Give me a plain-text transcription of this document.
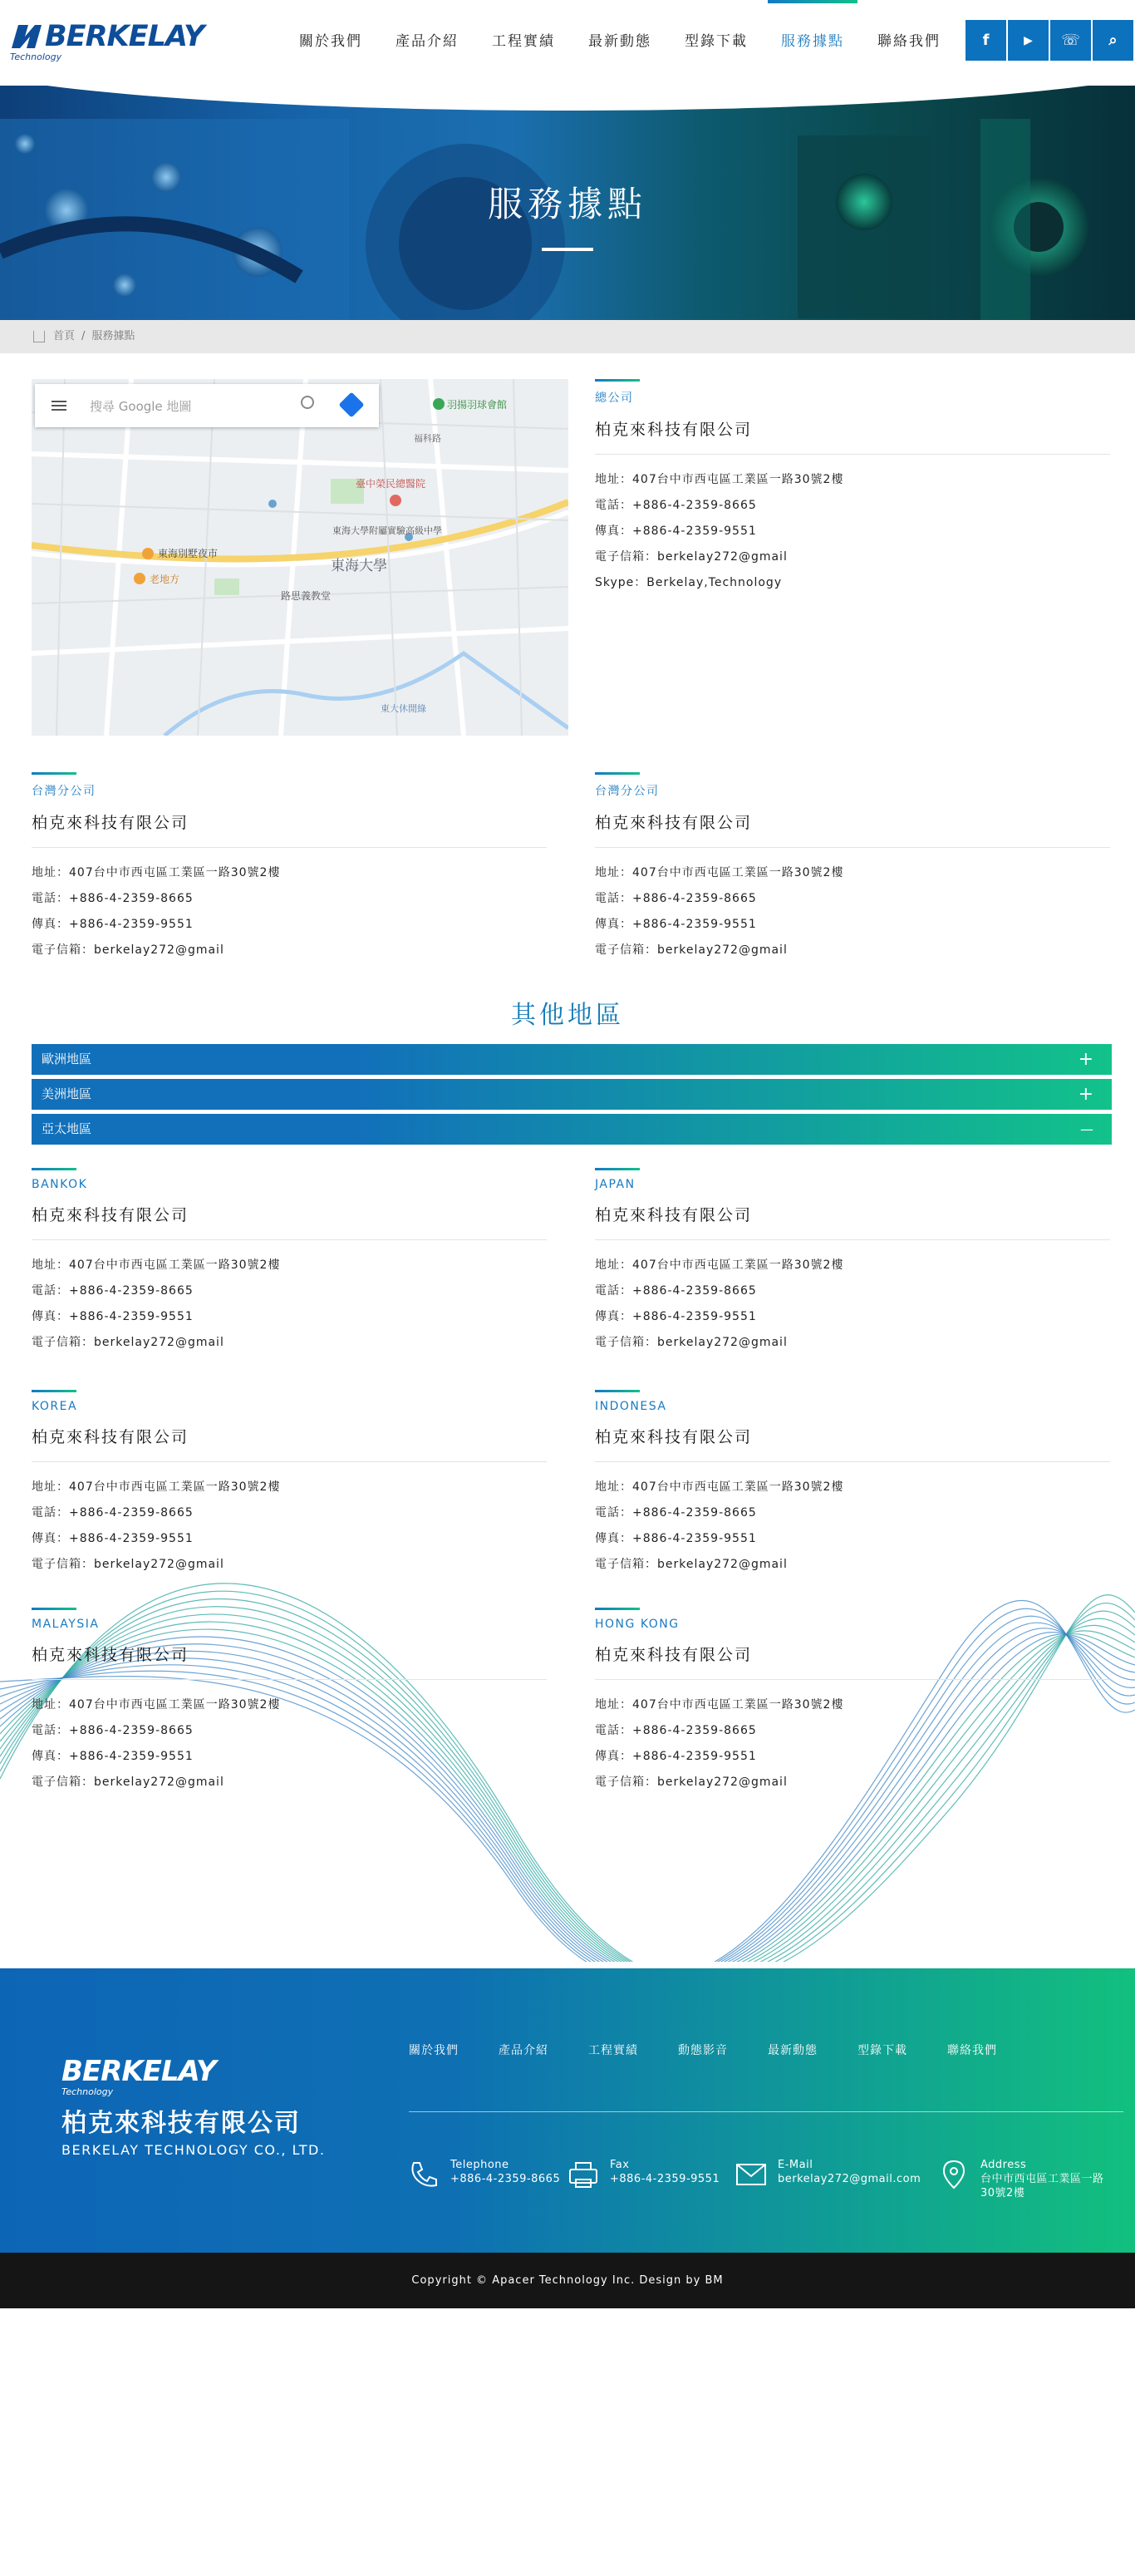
BERKELAY
Technology
關於我們	產品介紹	工程實績	最新動態	型錄下載	服務據點	聯絡我們	f	▶	☏	⌕
服務據點
首頁 / 服務據點
羽揚羽球會館
臺中榮民總醫院
東海大學附屬實驗高級中學
東海大學
東海別墅夜市
老地方
路思義教堂
福科路
東大休閒綠
搜尋 Google 地圖
總公司
柏克來科技有限公司
地址：407台中市西屯區工業區一路30號2樓
電話：+886-4-2359-8665
傳真：+886-4-2359-9551
電子信箱：berkelay272@gmail
Skype：Berkelay,Technology
台灣分公司
柏克來科技有限公司
地址：407台中市西屯區工業區一路30號2樓
電話：+886-4-2359-8665
傳真：+886-4-2359-9551
電子信箱：berkelay272@gmail
台灣分公司
柏克來科技有限公司
地址：407台中市西屯區工業區一路30號2樓
電話：+886-4-2359-8665
傳真：+886-4-2359-9551
電子信箱：berkelay272@gmail
其他地區
歐洲地區	+
美洲地區	+
亞太地區	—
BANKOK
柏克來科技有限公司
地址：407台中市西屯區工業區一路30號2樓
電話：+886-4-2359-8665
傳真：+886-4-2359-9551
電子信箱：berkelay272@gmail
JAPAN
柏克來科技有限公司
地址：407台中市西屯區工業區一路30號2樓
電話：+886-4-2359-8665
傳真：+886-4-2359-9551
電子信箱：berkelay272@gmail
KOREA
柏克來科技有限公司
地址：407台中市西屯區工業區一路30號2樓
電話：+886-4-2359-8665
傳真：+886-4-2359-9551
電子信箱：berkelay272@gmail
INDONESA
柏克來科技有限公司
地址：407台中市西屯區工業區一路30號2樓
電話：+886-4-2359-8665
傳真：+886-4-2359-9551
電子信箱：berkelay272@gmail
MALAYSIA
柏克來科技有限公司
地址：407台中市西屯區工業區一路30號2樓
電話：+886-4-2359-8665
傳真：+886-4-2359-9551
電子信箱：berkelay272@gmail
HONG KONG
柏克來科技有限公司
地址：407台中市西屯區工業區一路30號2樓
電話：+886-4-2359-8665
傳真：+886-4-2359-9551
電子信箱：berkelay272@gmail
BERKELAY
Technology
柏克來科技有限公司
BERKELAY TECHNOLOGY CO., LTD.
關於我們	產品介紹	工程實績	動態影音	最新動態	型錄下載	聯絡我們
Telephone
+886-4-2359-8665
Fax
+886-4-2359-9551
E-Mail
berkelay272@gmail.com
Address
台中市西屯區工業區一路30號2樓
Copyright © Apacer Technology Inc. Design by BM
